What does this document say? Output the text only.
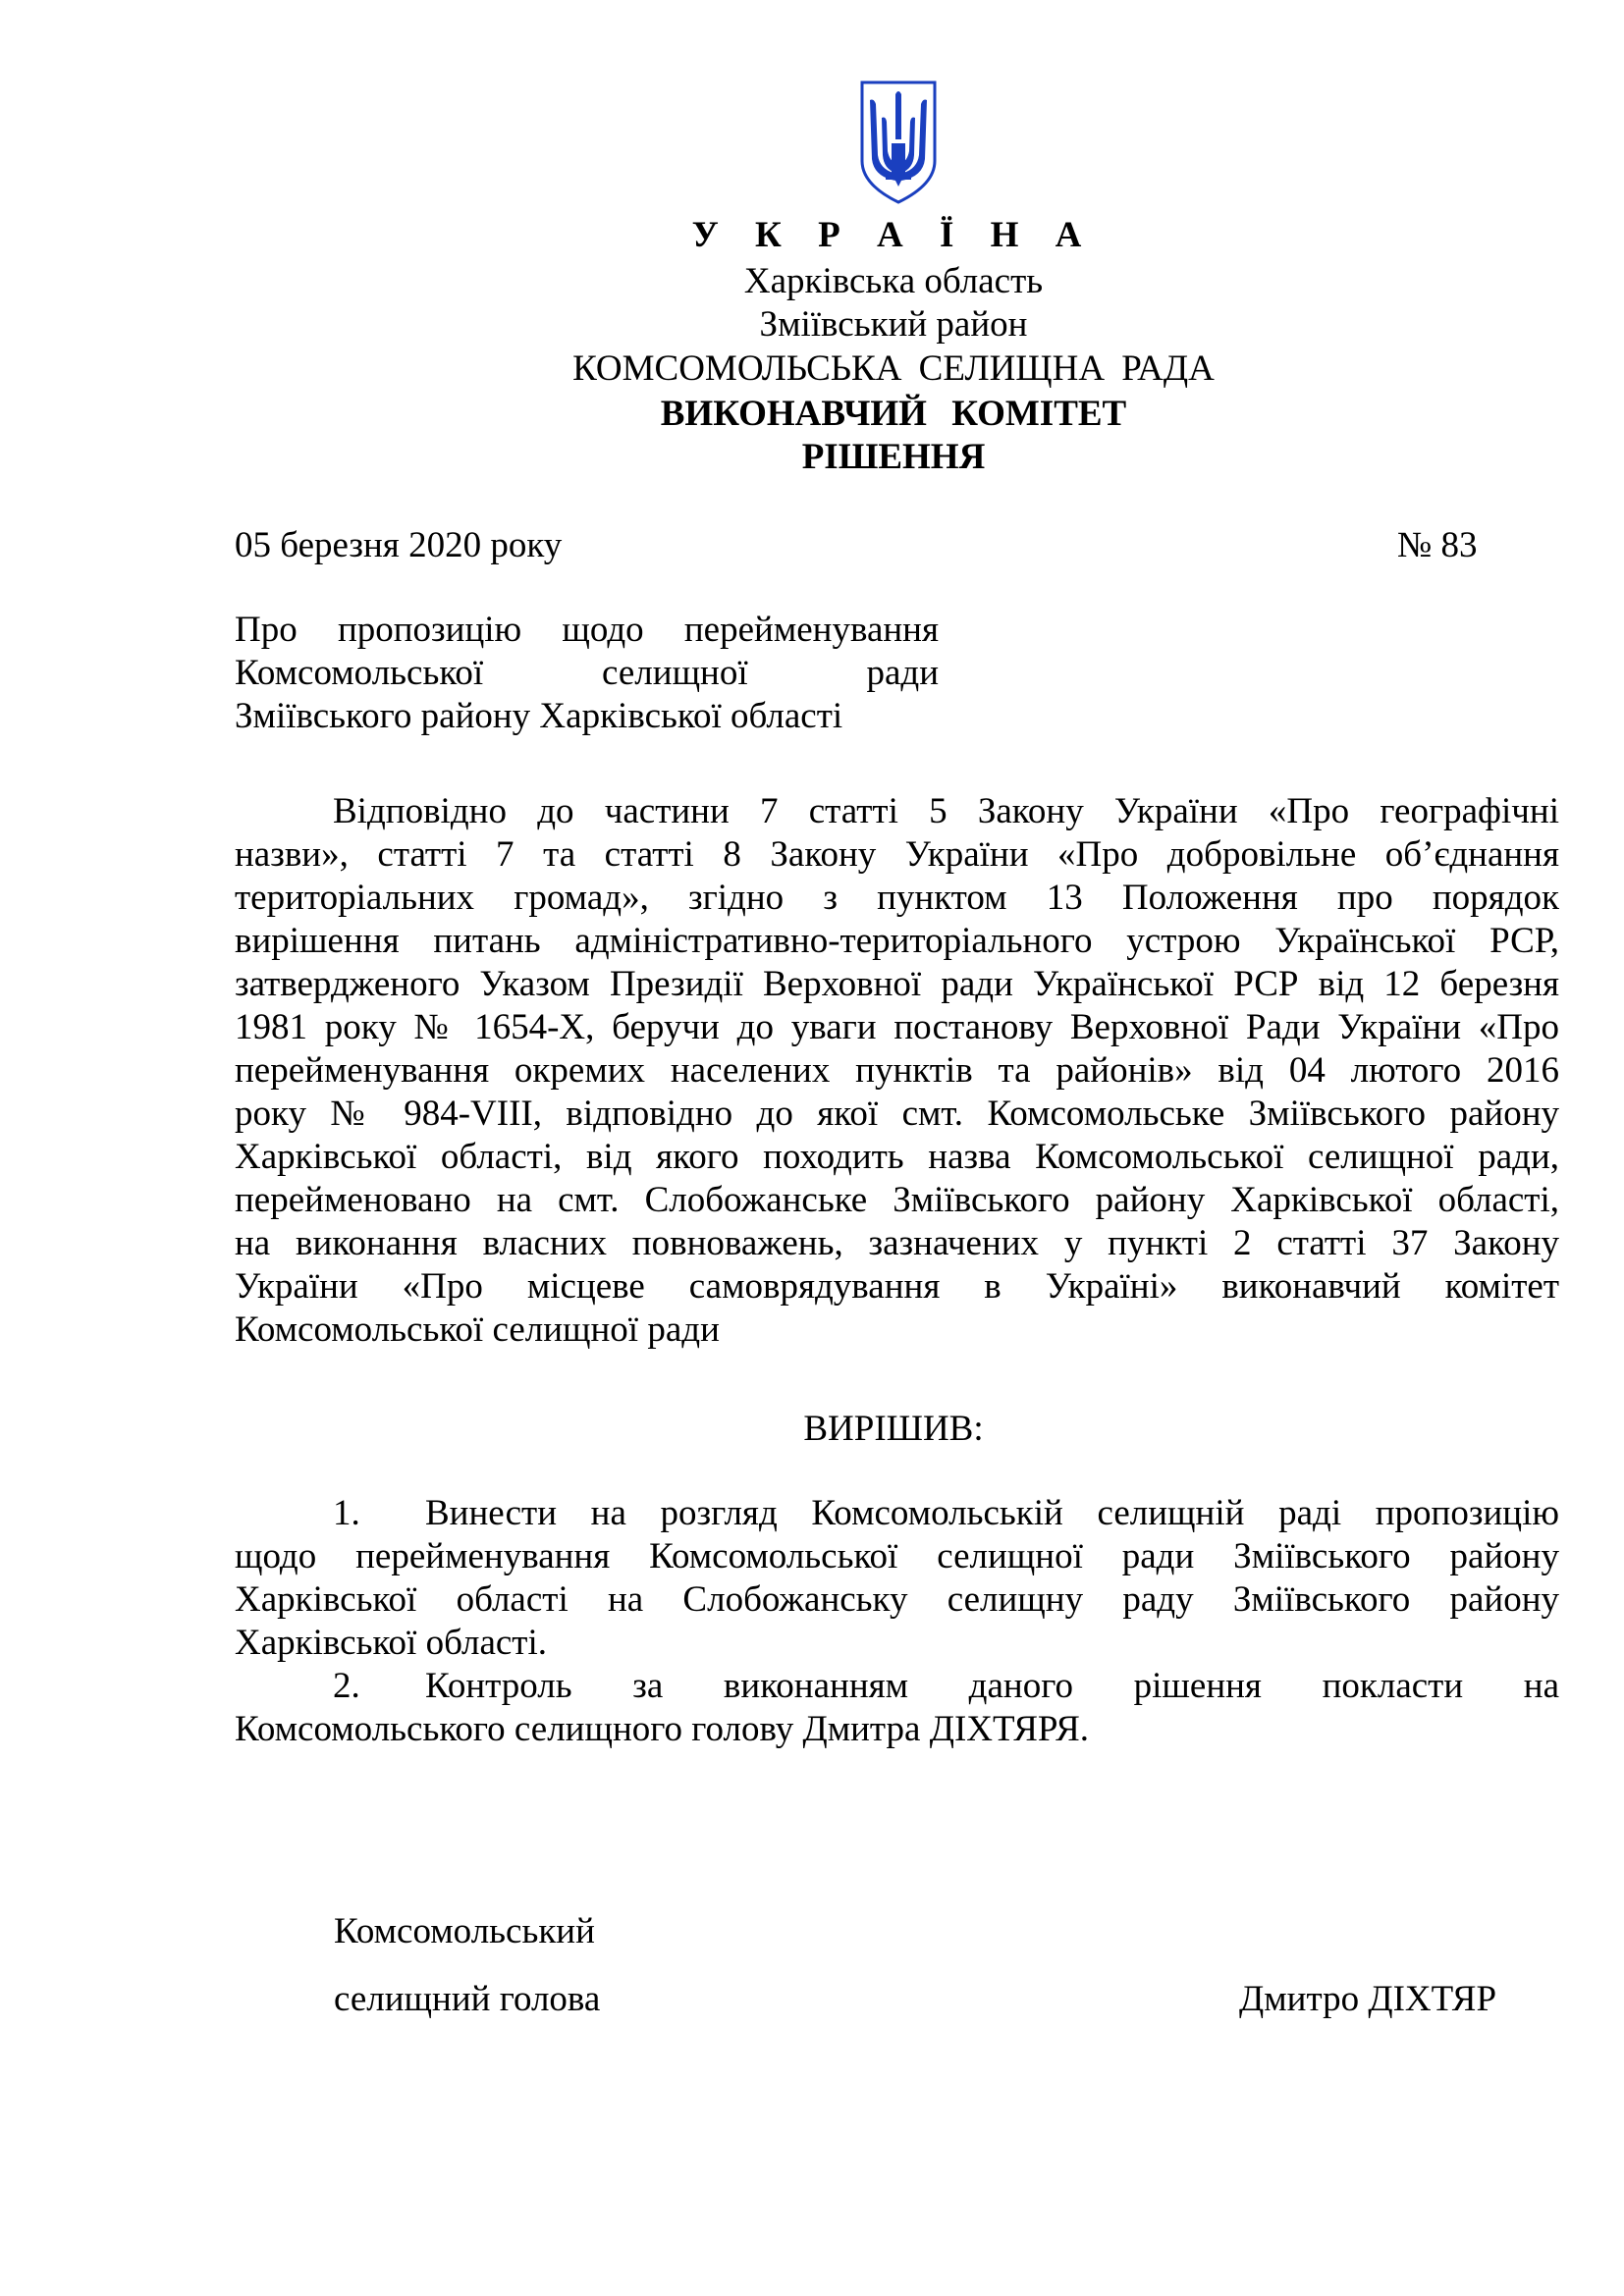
У К Р А Ї Н А
Харківська область
Зміївський район
КОМСОМОЛЬСЬКА СЕЛИЩНА РАДА
ВИКОНАВЧИЙ КОМІТЕТ
РІШЕННЯ
05 березня 2020 року	№ 83
Про пропозицію щодо перейменування
Комсомольської селищної ради
Зміївського району Харківської області
Відповідно до частини 7 статті 5 Закону України «Про географічні
назви», статті 7 та статті 8 Закону України «Про добровільне об’єднання
територіальних громад», згідно з пунктом 13 Положення про порядок
вирішення питань адміністративно-територіального устрою Української РСР,
затвердженого Указом Президії Верховної ради Української РСР від 12 березня
1981 року № 1654-Х, беручи до уваги постанову Верховної Ради України «Про
перейменування окремих населених пунктів та районів» від 04 лютого 2016
року № 984-VIII, відповідно до якої смт. Комсомольське Зміївського району
Харківської області, від якого походить назва Комсомольської селищної ради,
перейменовано на смт. Слобожанське Зміївського району Харківської області,
на виконання власних повноважень, зазначених у пункті 2 статті 37 Закону
України «Про місцеве самоврядування в Україні» виконавчий комітет
Комсомольської селищної ради
ВИРІШИВ:
1. Винести на розгляд Комсомольській селищній раді пропозицію
щодо перейменування Комсомольської селищної ради Зміївського району
Харківської області на Слобожанську селищну раду Зміївського району
Харківської області.
2. Контроль за виконанням даного рішення покласти на
Комсомольського селищного голову Дмитра ДІХТЯРЯ.
Комсомольський
селищний голова	Дмитро ДІХТЯР
